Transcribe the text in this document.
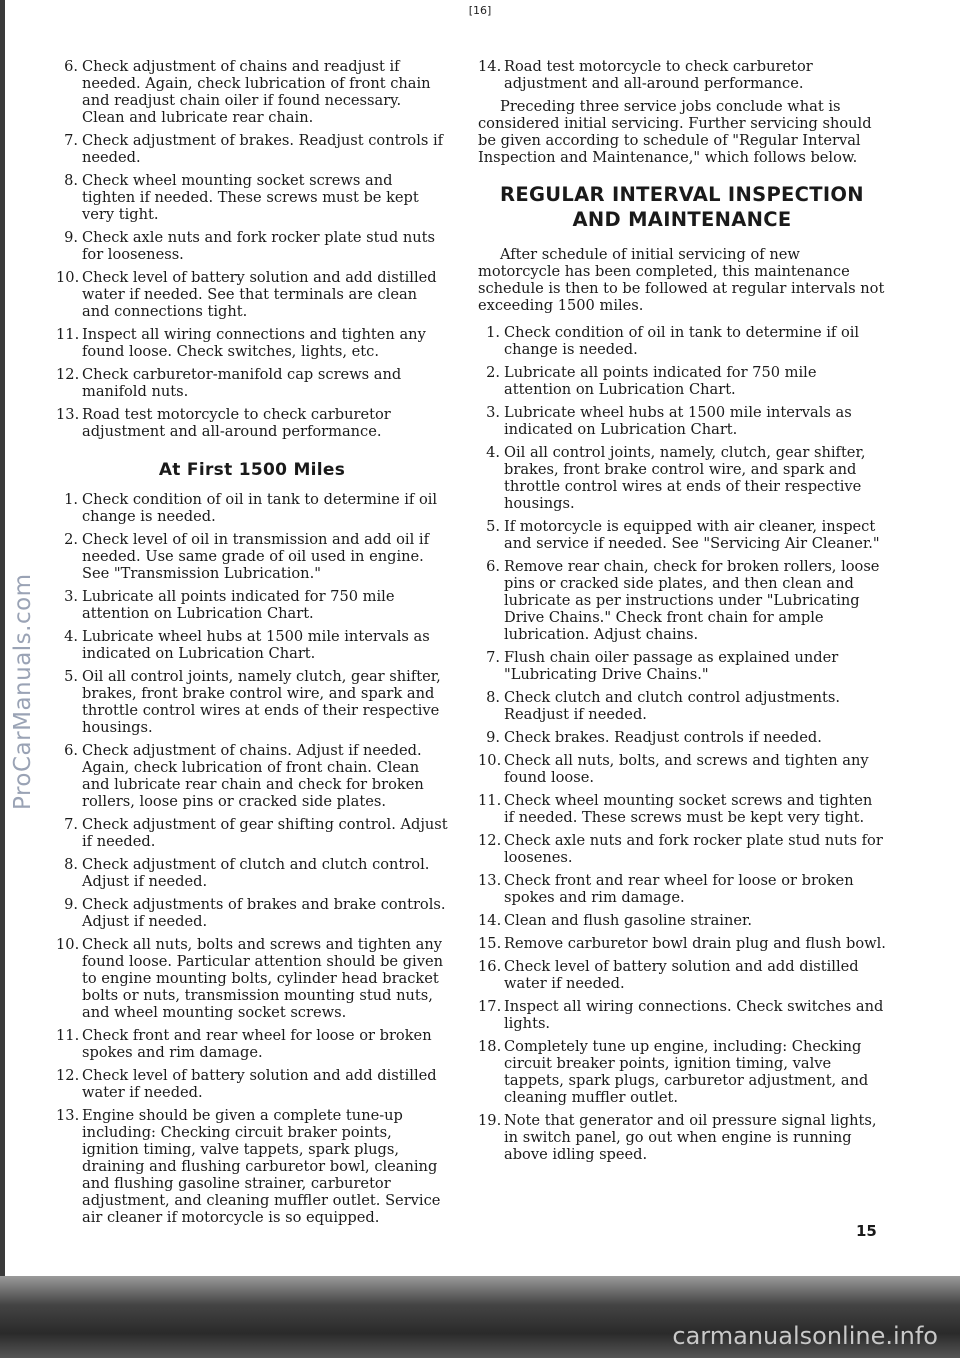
[16]
ProCarManuals.com
6. Check adjustment of chains and readjust if needed. Again, check lubrication of front chain and readjust chain oiler if found necessary. Clean and lubricate rear chain.
7. Check adjustment of brakes. Readjust controls if needed.
8. Check wheel mounting socket screws and tighten if needed. These screws must be kept very tight.
9. Check axle nuts and fork rocker plate stud nuts for looseness.
10. Check level of battery solution and add distilled water if needed. See that terminals are clean and connections tight.
11. Inspect all wiring connections and tighten any found loose. Check switches, lights, etc.
12. Check carburetor-manifold cap screws and manifold nuts.
13. Road test motorcycle to check carburetor adjustment and all-around performance.
At First 1500 Miles
1. Check condition of oil in tank to determine if oil change is needed.
2. Check level of oil in transmission and add oil if needed. Use same grade of oil used in engine. See "Transmission Lubrication."
3. Lubricate all points indicated for 750 mile attention on Lubrication Chart.
4. Lubricate wheel hubs at 1500 mile intervals as indicated on Lubrication Chart.
5. Oil all control joints, namely clutch, gear shifter, brakes, front brake control wire, and spark and throttle control wires at ends of their respective housings.
6. Check adjustment of chains. Adjust if needed. Again, check lubrication of front chain. Clean and lubricate rear chain and check for broken rollers, loose pins or cracked side plates.
7. Check adjustment of gear shifting control. Adjust if needed.
8. Check adjustment of clutch and clutch control. Adjust if needed.
9. Check adjustments of brakes and brake controls. Adjust if needed.
10. Check all nuts, bolts and screws and tighten any found loose. Particular attention should be given to engine mounting bolts, cylinder head bracket bolts or nuts, transmission mounting stud nuts, and wheel mounting socket screws.
11. Check front and rear wheel for loose or broken spokes and rim damage.
12. Check level of battery solution and add distilled water if needed.
13. Engine should be given a complete tune-up including: Checking circuit braker points, ignition timing, valve tappets, spark plugs, draining and flushing carburetor bowl, cleaning and flushing gasoline strainer, carburetor adjustment, and cleaning muffler outlet. Service air cleaner if motorcycle is so equipped.
14. Road test motorcycle to check carburetor adjustment and all-around performance.

Preceding three service jobs conclude what is considered initial servicing. Further servicing should be given according to schedule of "Regular Interval Inspection and Maintenance," which follows below.

REGULAR INTERVAL INSPECTION
AND MAINTENANCE

After schedule of initial servicing of new motorcycle has been completed, this maintenance schedule is then to be followed at regular intervals not exceeding 1500 miles.

1. Check condition of oil in tank to determine if oil change is needed.
2. Lubricate all points indicated for 750 mile attention on Lubrication Chart.
3. Lubricate wheel hubs at 1500 mile intervals as indicated on Lubrication Chart.
4. Oil all control joints, namely, clutch, gear shifter, brakes, front brake control wire, and spark and throttle control wires at ends of their respective housings.
5. If motorcycle is equipped with air cleaner, inspect and service if needed. See "Servicing Air Cleaner."
6. Remove rear chain, check for broken rollers, loose pins or cracked side plates, and then clean and lubricate as per instructions under "Lubricating Drive Chains." Check front chain for ample lubrication. Adjust chains.
7. Flush chain oiler passage as explained under "Lubricating Drive Chains."
8. Check clutch and clutch control adjustments. Readjust if needed.
9. Check brakes. Readjust controls if needed.
10. Check all nuts, bolts, and screws and tighten any found loose.
11. Check wheel mounting socket screws and tighten if needed. These screws must be kept very tight.
12. Check axle nuts and fork rocker plate stud nuts for loosenes.
13. Check front and rear wheel for loose or broken spokes and rim damage.
14. Clean and flush gasoline strainer.
15. Remove carburetor bowl drain plug and flush bowl.
16. Check level of battery solution and add distilled water if needed.
17. Inspect all wiring connections. Check switches and lights.
18. Completely tune up engine, including: Checking circuit breaker points, ignition timing, valve tappets, spark plugs, carburetor adjustment, and cleaning muffler outlet.
19. Note that generator and oil pressure signal lights, in switch panel, go out when engine is running above idling speed.
15
carmanualsonline.info
